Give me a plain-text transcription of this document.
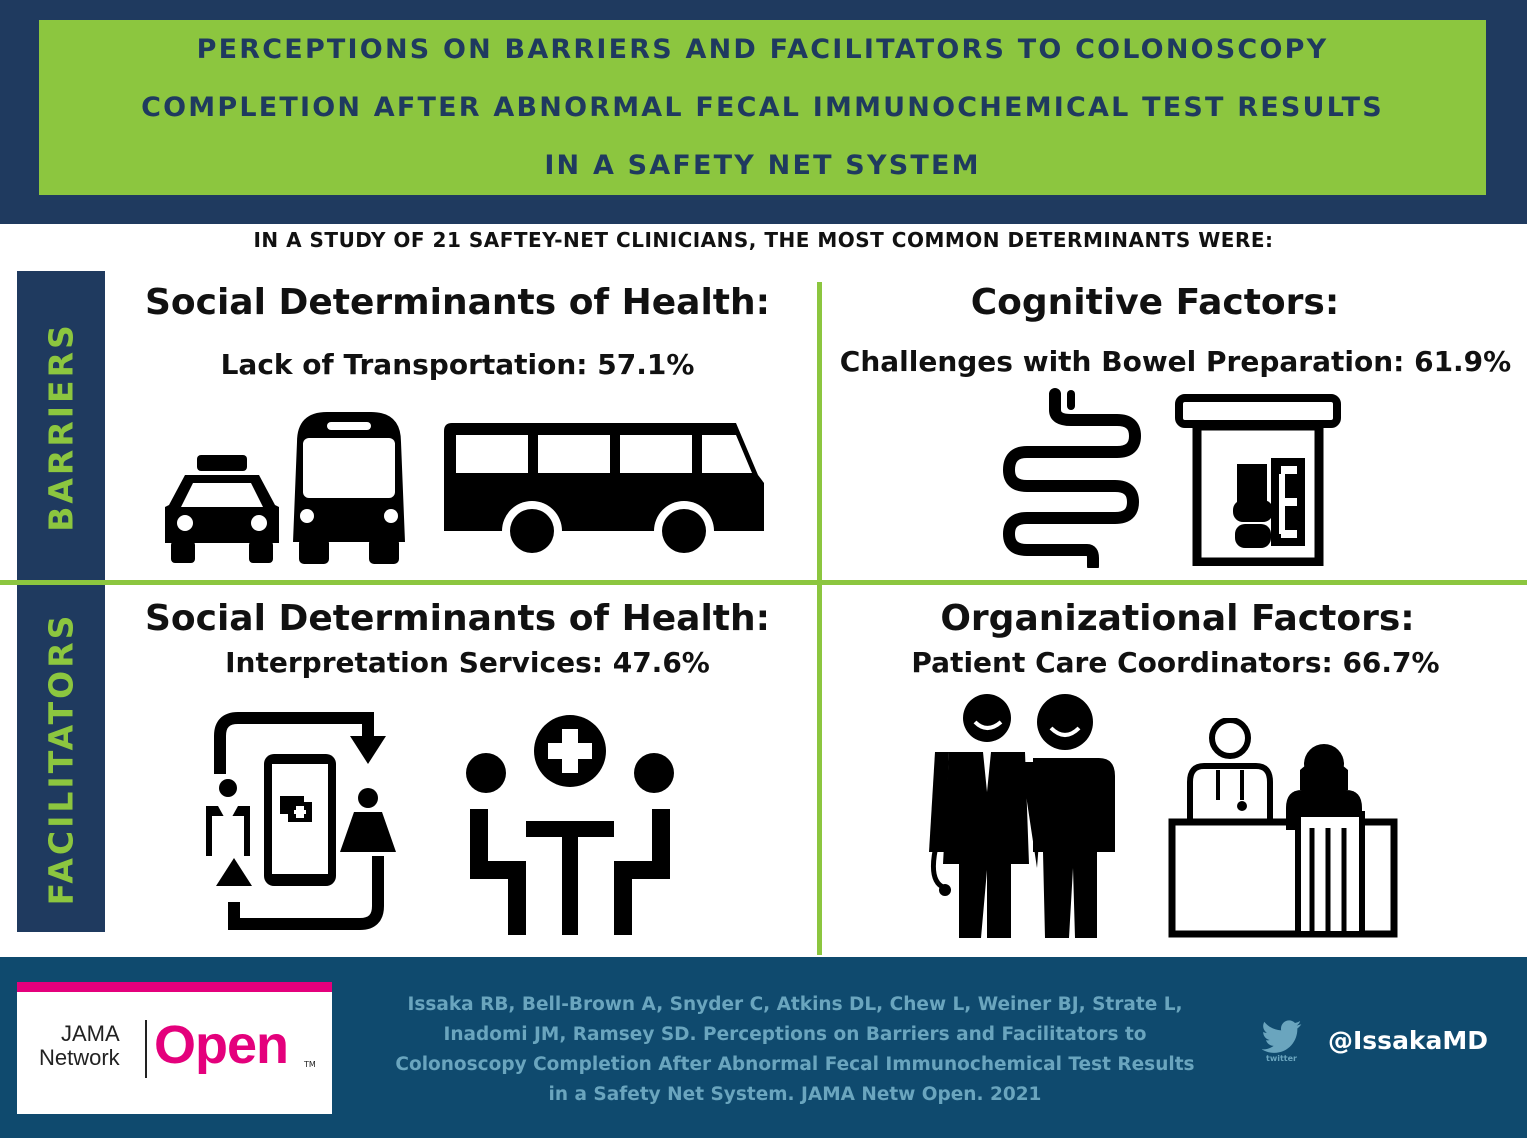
PERCEPTIONS ON BARRIERS AND FACILITATORS TO COLONOSCOPY
COMPLETION AFTER ABNORMAL FECAL IMMUNOCHEMICAL TEST RESULTS
IN A SAFETY NET SYSTEM
IN A STUDY OF 21 SAFTEY-NET CLINICIANS, THE MOST COMMON DETERMINANTS WERE:
BARRIERS
FACILITATORS
Social Determinants of Health:
Lack of Transportation: 57.1%
Cognitive Factors:
Challenges with Bowel Preparation: 61.9%
Social Determinants of Health:
Interpretation Services: 47.6%
Organizational Factors:
Patient Care Coordinators: 66.7%
JAMA
Network Open TM
Issaka RB, Bell-Brown A, Snyder C, Atkins DL, Chew L, Weiner BJ, Strate L,
Inadomi JM, Ramsey SD. Perceptions on Barriers and Facilitators to
Colonoscopy Completion After Abnormal Fecal Immunochemical Test Results
in a Safety Net System. JAMA Netw Open. 2021
twitter
@IssakaMD
